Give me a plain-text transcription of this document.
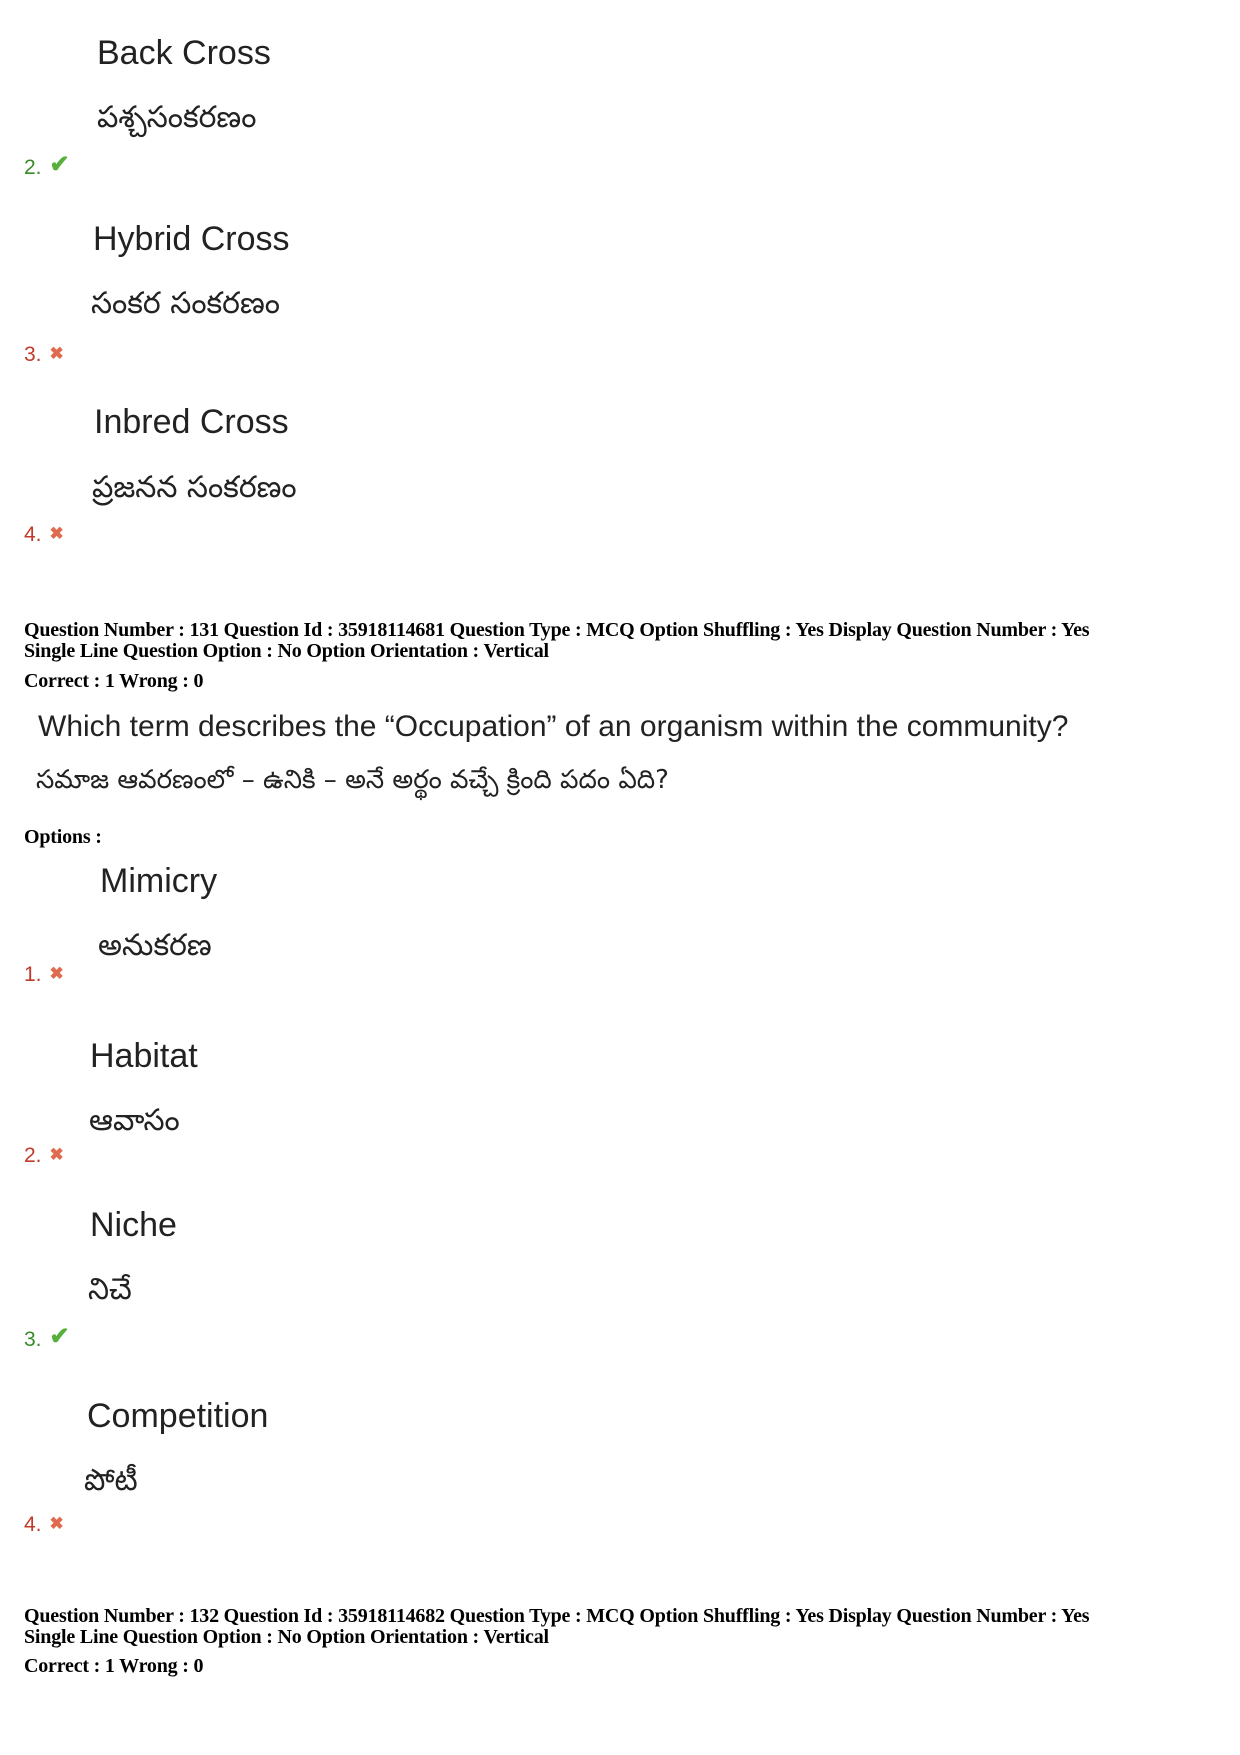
Back Cross
పశ్చసంకరణం
2. ✔
Hybrid Cross
సంకర సంకరణం
3. ✖
Inbred Cross
ప్రజనన సంకరణం
4. ✖
Question Number : 131 Question Id : 35918114681 Question Type : MCQ Option Shuffling : Yes Display Question Number : Yes
Single Line Question Option : No Option Orientation : Vertical
Correct : 1 Wrong : 0
Which term describes the “Occupation” of an organism within the community?
సమాజ ఆవరణంలో – ఉనికి – అనే అర్థం వచ్చే క్రింది పదం ఏది?
Options :
Mimicry
అనుకరణ
1. ✖
Habitat
ఆవాసం
2. ✖
Niche
నిచే
3. ✔
Competition
పోటీ
4. ✖
Question Number : 132 Question Id : 35918114682 Question Type : MCQ Option Shuffling : Yes Display Question Number : Yes
Single Line Question Option : No Option Orientation : Vertical
Correct : 1 Wrong : 0
